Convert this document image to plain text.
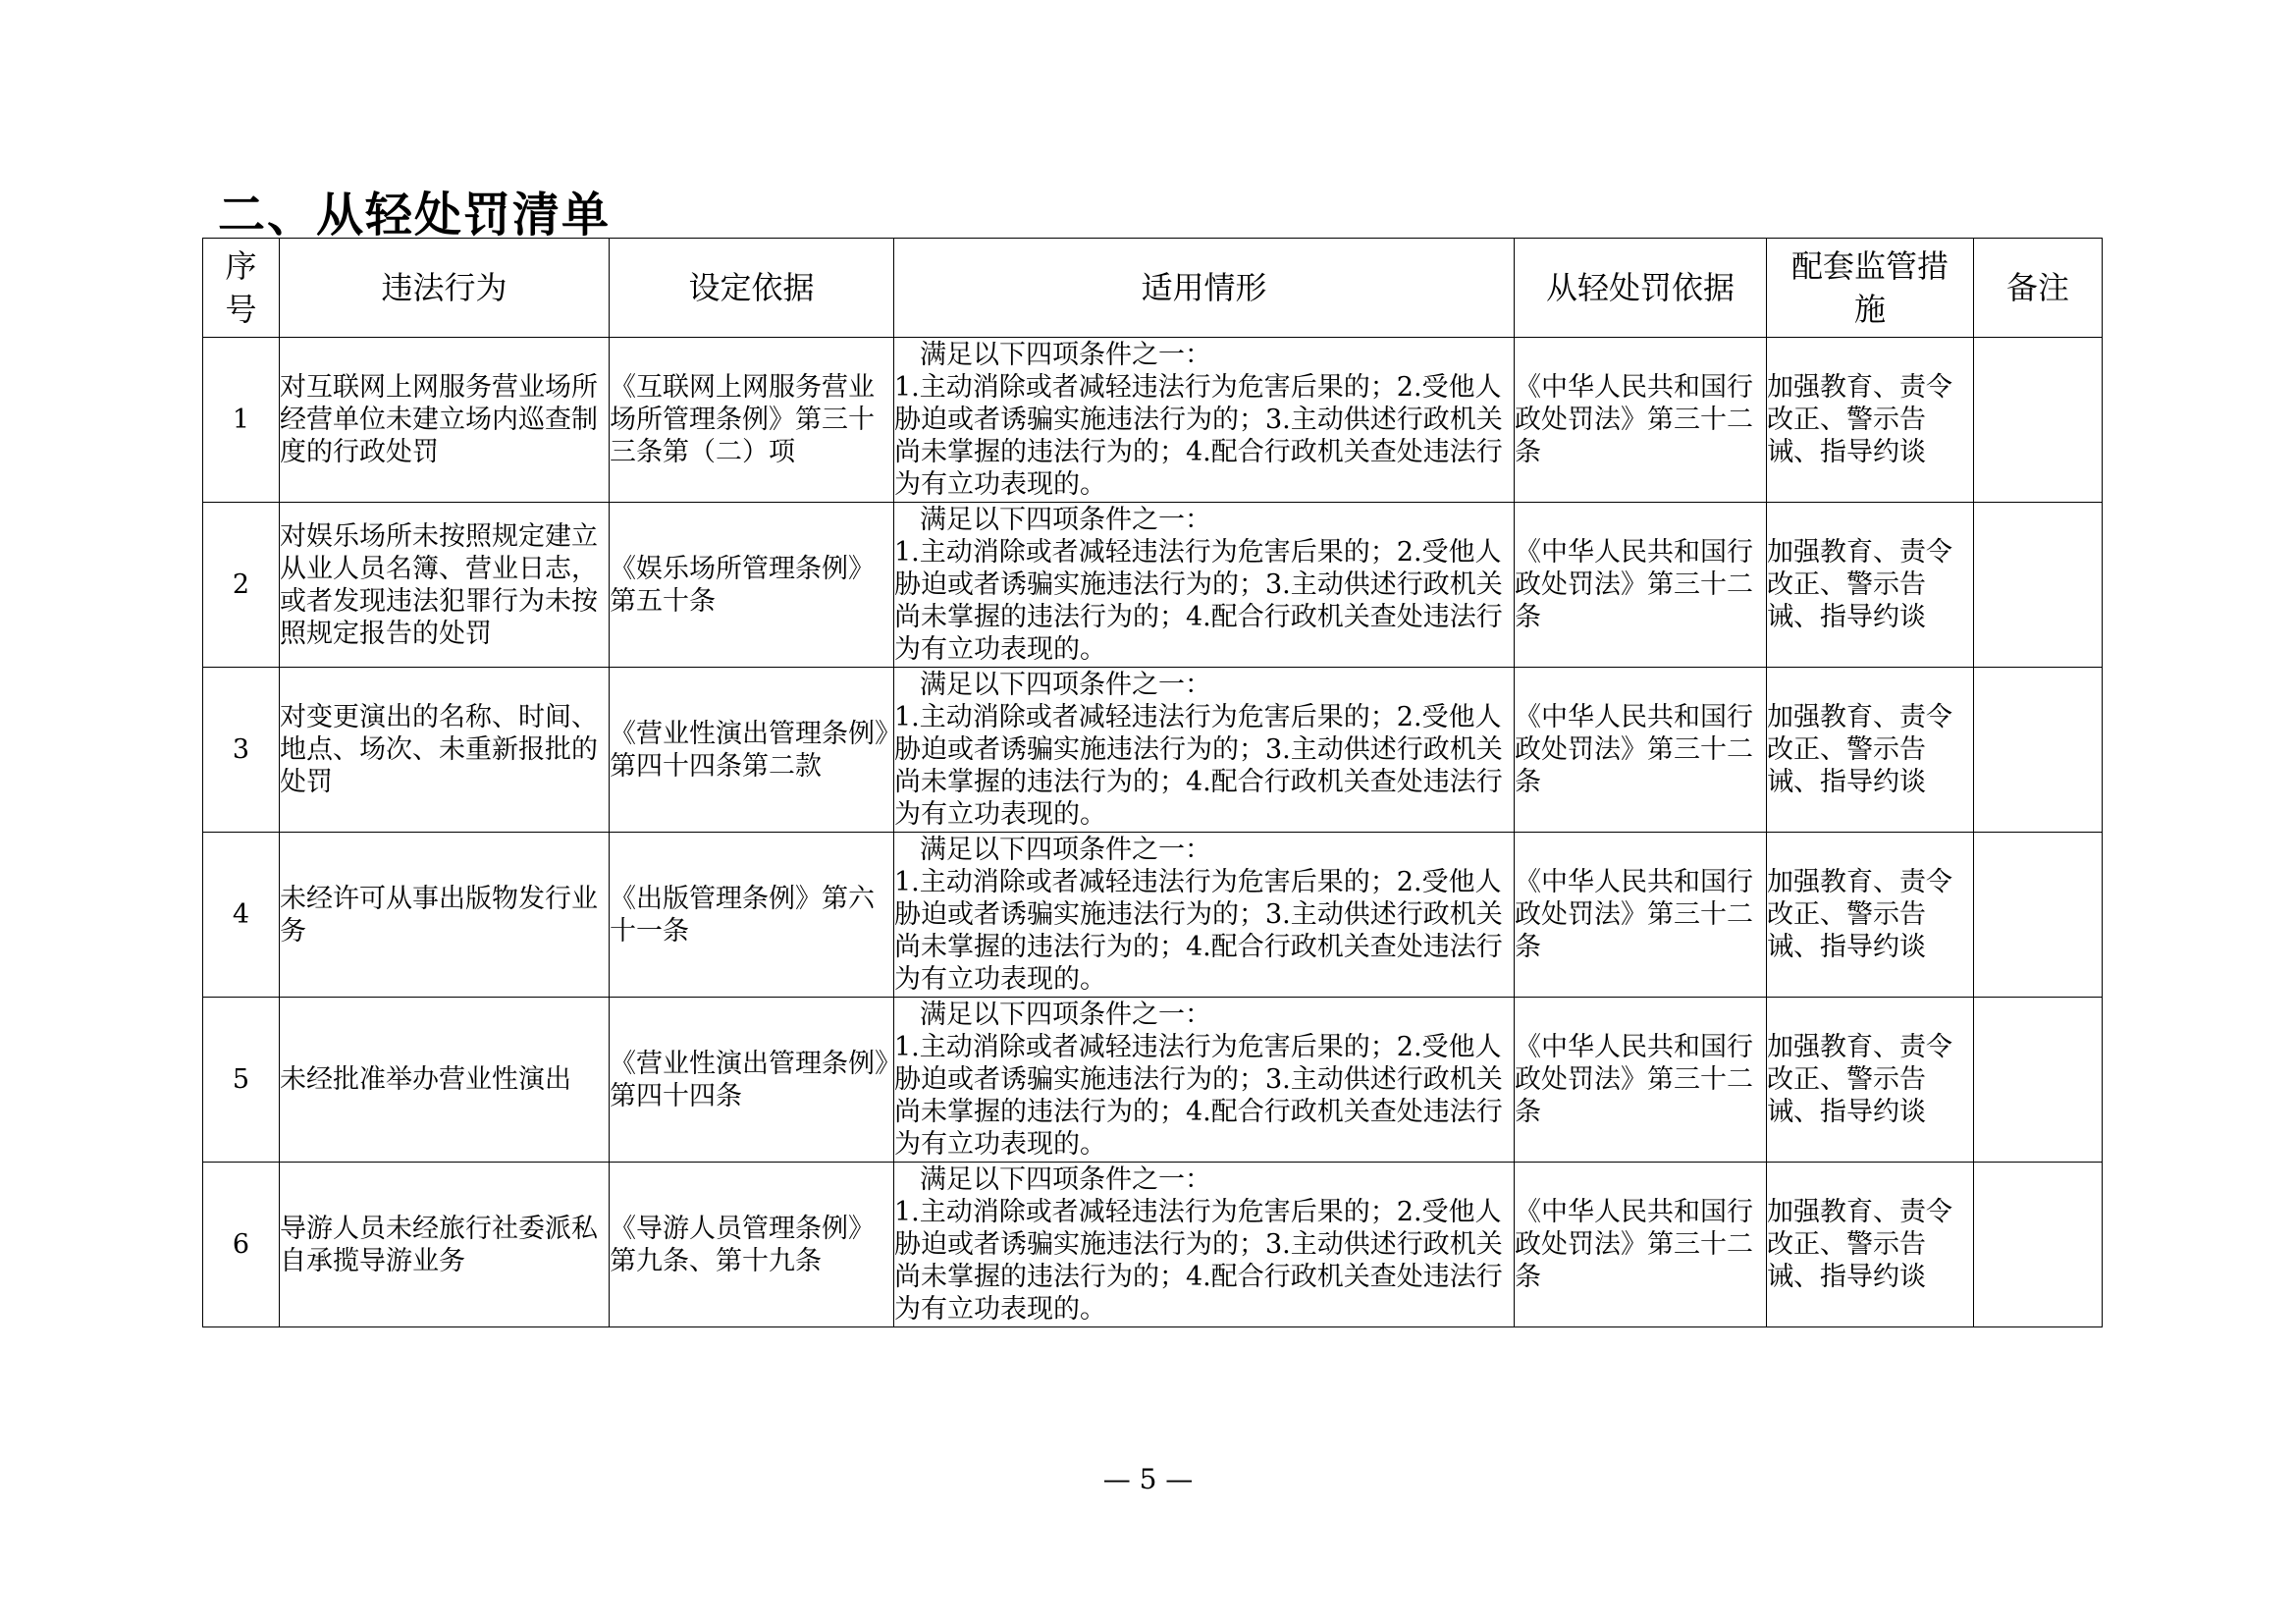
二、从轻处罚清单
序号	违法行为	设定依据	适用情形	从轻处罚依据	配套监管措施	备注
1	对互联网上网服务营业场所经营单位未建立场内巡查制度的行政处罚	《互联网上网服务营业场所管理条例》第三十三条第（二）项	满足以下四项条件之一：
1.主动消除或者减轻违法行为危害后果的；2.受他人胁迫或者诱骗实施违法行为的；3.主动供述行政机关尚未掌握的违法行为的；4.配合行政机关查处违法行为有立功表现的。	《中华人民共和国行政处罚法》第三十二条	加强教育、责令改正、警示告诫、指导约谈	
2	对娱乐场所未按照规定建立从业人员名簿、营业日志，或者发现违法犯罪行为未按照规定报告的处罚	《娱乐场所管理条例》第五十条	满足以下四项条件之一：
1.主动消除或者减轻违法行为危害后果的；2.受他人胁迫或者诱骗实施违法行为的；3.主动供述行政机关尚未掌握的违法行为的；4.配合行政机关查处违法行为有立功表现的。	《中华人民共和国行政处罚法》第三十二条	加强教育、责令改正、警示告诫、指导约谈	
3	对变更演出的名称、时间、地点、场次、未重新报批的处罚	《营业性演出管理条例》第四十四条第二款	满足以下四项条件之一：
1.主动消除或者减轻违法行为危害后果的；2.受他人胁迫或者诱骗实施违法行为的；3.主动供述行政机关尚未掌握的违法行为的；4.配合行政机关查处违法行为有立功表现的。	《中华人民共和国行政处罚法》第三十二条	加强教育、责令改正、警示告诫、指导约谈	
4	未经许可从事出版物发行业务	《出版管理条例》第六十一条	满足以下四项条件之一：
1.主动消除或者减轻违法行为危害后果的；2.受他人胁迫或者诱骗实施违法行为的；3.主动供述行政机关尚未掌握的违法行为的；4.配合行政机关查处违法行为有立功表现的。	《中华人民共和国行政处罚法》第三十二条	加强教育、责令改正、警示告诫、指导约谈	
5	未经批准举办营业性演出	《营业性演出管理条例》第四十四条	满足以下四项条件之一：
1.主动消除或者减轻违法行为危害后果的；2.受他人胁迫或者诱骗实施违法行为的；3.主动供述行政机关尚未掌握的违法行为的；4.配合行政机关查处违法行为有立功表现的。	《中华人民共和国行政处罚法》第三十二条	加强教育、责令改正、警示告诫、指导约谈	
6	导游人员未经旅行社委派私自承揽导游业务	《导游人员管理条例》第九条、第十九条	满足以下四项条件之一：
1.主动消除或者减轻违法行为危害后果的；2.受他人胁迫或者诱骗实施违法行为的；3.主动供述行政机关尚未掌握的违法行为的；4.配合行政机关查处违法行为有立功表现的。	《中华人民共和国行政处罚法》第三十二条	加强教育、责令改正、警示告诫、指导约谈	
— 5 —
